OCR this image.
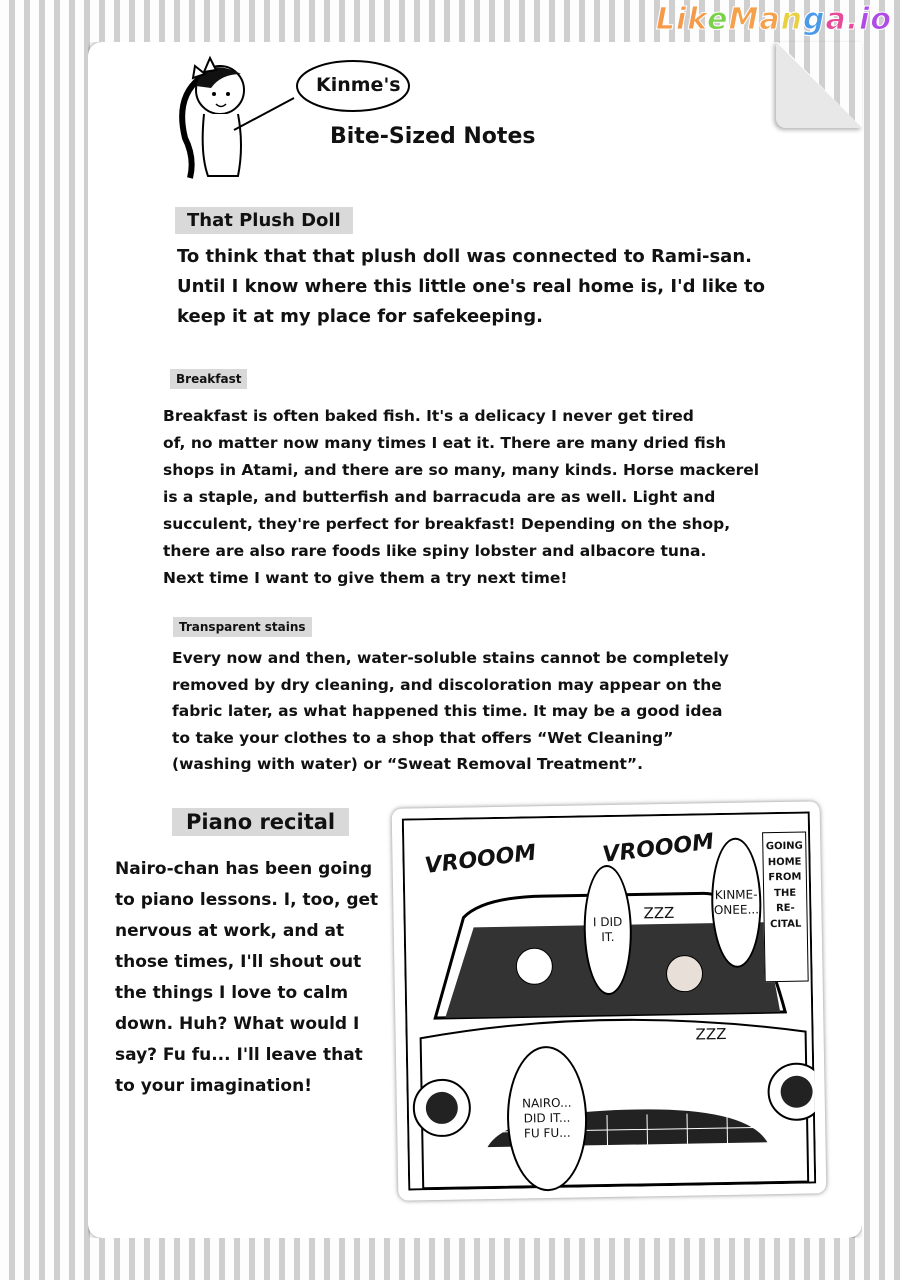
LikeManga.io
Kinme's
Bite-Sized Notes
That Plush Doll
To think that that plush doll was connected to Rami-san.
Until I know where this little one's real home is, I'd like to
keep it at my place for safekeeping.
Breakfast
Breakfast is often baked fish. It's a delicacy I never get tired
of, no matter now many times I eat it. There are many dried fish
shops in Atami, and there are so many, many kinds. Horse mackerel
is a staple, and butterfish and barracuda are as well. Light and
succulent, they're perfect for breakfast! Depending on the shop,
there are also rare foods like spiny lobster and albacore tuna.
Next time I want to give them a try next time!
Transparent stains
Every now and then, water-soluble stains cannot be completely
removed by dry cleaning, and discoloration may appear on the
fabric later, as what happened this time. It may be a good idea
to take your clothes to a shop that offers “Wet Cleaning”
(washing with water) or “Sweat Removal Treatment”.
Piano recital
Nairo-chan has been going
to piano lessons. I, too, get
nervous at work, and at
those times, I'll shout out
the things I love to calm
down. Huh? What would I
say? Fu fu... I'll leave that
to your imagination!
VROOOM	VROOOM	GOING HOME FROM THE RE- CITAL
I DID IT.
KINME- ONEE...
NAIRO... DID IT... FU FU...
ZZZ
ZZZ
